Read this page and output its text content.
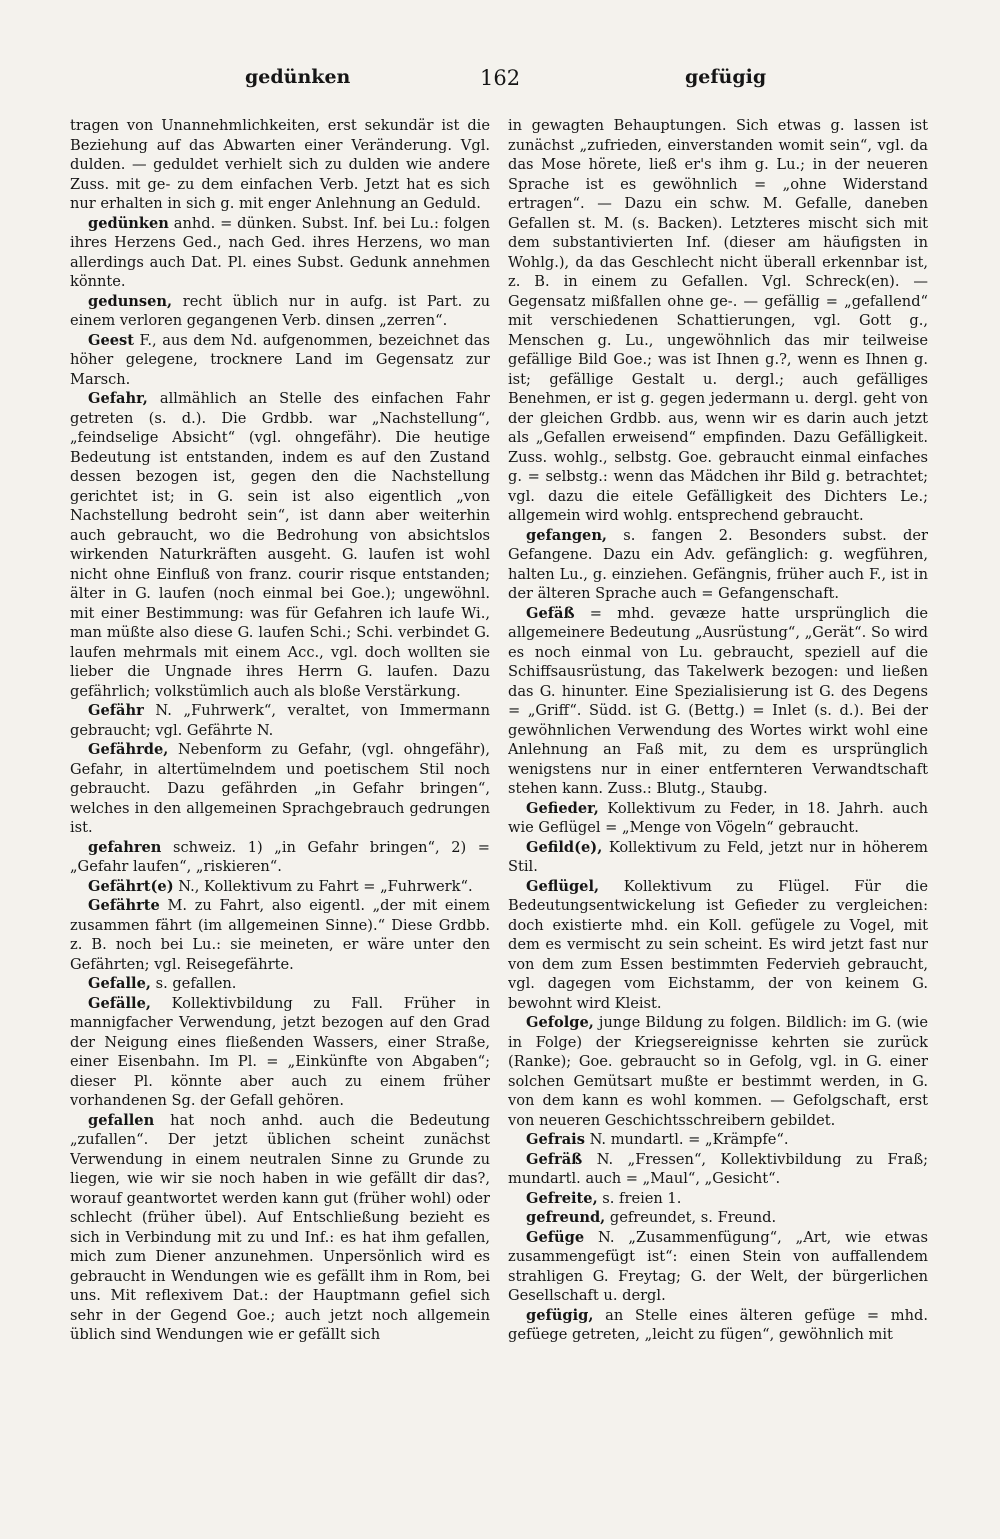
gedünken	162	gefügig

tragen von Unannehmlichkeiten, erst sekundär ist die Beziehung auf das Abwarten einer Veränderung. Vgl. dulden. — geduldet verhielt sich zu dulden wie andere Zuss. mit ge- zu dem einfachen Verb. Jetzt hat es sich nur erhalten in sich g. mit enger Anlehnung an Geduld.

gedünken anhd. = dünken. Subst. Inf. bei Lu.: folgen ihres Herzens Ged., nach Ged. ihres Herzens, wo man allerdings auch Dat. Pl. eines Subst. Gedunk annehmen könnte.

gedunsen, recht üblich nur in aufg. ist Part. zu einem verloren gegangenen Verb. dinsen „zerren“.

Geest F., aus dem Nd. aufgenommen, bezeichnet das höher gelegene, trocknere Land im Gegensatz zur Marsch.

Gefahr, allmählich an Stelle des einfachen Fahr getreten (s. d.). Die Grdbb. war „Nachstellung“, „feindselige Absicht“ (vgl. ohngefähr). Die heutige Bedeutung ist entstanden, indem es auf den Zustand dessen bezogen ist, gegen den die Nachstellung gerichtet ist; in G. sein ist also eigentlich „von Nachstellung bedroht sein“, ist dann aber weiterhin auch gebraucht, wo die Bedrohung von absichtslos wirkenden Naturkräften ausgeht. G. laufen ist wohl nicht ohne Einfluß von franz. courir risque entstanden; älter in G. laufen (noch einmal bei Goe.); ungewöhnl. mit einer Bestimmung: was für Gefahren ich laufe Wi., man müßte also diese G. laufen Schi.; Schi. verbindet G. laufen mehrmals mit einem Acc., vgl. doch wollten sie lieber die Ungnade ihres Herrn G. laufen. Dazu gefährlich; volkstümlich auch als bloße Verstärkung.

Gefähr N. „Fuhrwerk“, veraltet, von Immermann gebraucht; vgl. Gefährte N.

Gefährde, Nebenform zu Gefahr, (vgl. ohngefähr), Gefahr, in altertümelndem und poetischem Stil noch gebraucht. Dazu gefährden „in Gefahr bringen“, welches in den allgemeinen Sprachgebrauch gedrungen ist.

gefahren schweiz. 1) „in Gefahr bringen“, 2) = „Gefahr laufen“, „riskieren“.

Gefährt(e) N., Kollektivum zu Fahrt = „Fuhrwerk“.

Gefährte M. zu Fahrt, also eigentl. „der mit einem zusammen fährt (im allgemeinen Sinne).“ Diese Grdbb. z. B. noch bei Lu.: sie meineten, er wäre unter den Gefährten; vgl. Reisegefährte.

Gefalle, s. gefallen.

Gefälle, Kollektivbildung zu Fall. Früher in mannigfacher Verwendung, jetzt bezogen auf den Grad der Neigung eines fließenden Wassers, einer Straße, einer Eisenbahn. Im Pl. = „Einkünfte von Abgaben“; dieser Pl. könnte aber auch zu einem früher vorhandenen Sg. der Gefall gehören.

gefallen hat noch anhd. auch die Bedeutung „zufallen“. Der jetzt üblichen scheint zunächst Verwendung in einem neutralen Sinne zu Grunde zu liegen, wie wir sie noch haben in wie gefällt dir das?, worauf geantwortet werden kann gut (früher wohl) oder schlecht (früher übel). Auf Entschließung bezieht es sich in Verbindung mit zu und Inf.: es hat ihm gefallen, mich zum Diener anzunehmen. Unpersönlich wird es gebraucht in Wendungen wie es gefällt ihm in Rom, bei uns. Mit reflexivem Dat.: der Hauptmann gefiel sich sehr in der Gegend Goe.; auch jetzt noch allgemein üblich sind Wendungen wie er gefällt sich

in gewagten Behauptungen. Sich etwas g. lassen ist zunächst „zufrieden, einverstanden womit sein“, vgl. da das Mose hörete, ließ er's ihm g. Lu.; in der neueren Sprache ist es gewöhnlich = „ohne Widerstand ertragen“. — Dazu ein schw. M. Gefalle, daneben Gefallen st. M. (s. Backen). Letzteres mischt sich mit dem substantivierten Inf. (dieser am häufigsten in Wohlg.), da das Geschlecht nicht überall erkennbar ist, z. B. in einem zu Gefallen. Vgl. Schreck(en). — Gegensatz mißfallen ohne ge-. — gefällig = „gefallend“ mit verschiedenen Schattierungen, vgl. Gott g., Menschen g. Lu., ungewöhnlich das mir teilweise gefällige Bild Goe.; was ist Ihnen g.?, wenn es Ihnen g. ist; gefällige Gestalt u. dergl.; auch gefälliges Benehmen, er ist g. gegen jedermann u. dergl. geht von der gleichen Grdbb. aus, wenn wir es darin auch jetzt als „Gefallen erweisend“ empfinden. Dazu Gefälligkeit. Zuss. wohlg., selbstg. Goe. gebraucht einmal einfaches g. = selbstg.: wenn das Mädchen ihr Bild g. betrachtet; vgl. dazu die eitele Gefälligkeit des Dichters Le.; allgemein wird wohlg. entsprechend gebraucht.

gefangen, s. fangen 2. Besonders subst. der Gefangene. Dazu ein Adv. gefänglich: g. wegführen, halten Lu., g. einziehen. Gefängnis, früher auch F., ist in der älteren Sprache auch = Gefangenschaft.

Gefäß = mhd. gevæze hatte ursprünglich die allgemeinere Bedeutung „Ausrüstung“, „Gerät“. So wird es noch einmal von Lu. gebraucht, speziell auf die Schiffsausrüstung, das Takelwerk bezogen: und ließen das G. hinunter. Eine Spezialisierung ist G. des Degens = „Griff“. Südd. ist G. (Bettg.) = Inlet (s. d.). Bei der gewöhnlichen Verwendung des Wortes wirkt wohl eine Anlehnung an Faß mit, zu dem es ursprünglich wenigstens nur in einer entfernteren Verwandtschaft stehen kann. Zuss.: Blutg., Staubg.

Gefieder, Kollektivum zu Feder, in 18. Jahrh. auch wie Geflügel = „Menge von Vögeln“ gebraucht.

Gefild(e), Kollektivum zu Feld, jetzt nur in höherem Stil.

Geflügel, Kollektivum zu Flügel. Für die Bedeutungsentwickelung ist Gefieder zu vergleichen: doch existierte mhd. ein Koll. gefügele zu Vogel, mit dem es vermischt zu sein scheint. Es wird jetzt fast nur von dem zum Essen bestimmten Federvieh gebraucht, vgl. dagegen vom Eichstamm, der von keinem G. bewohnt wird Kleist.

Gefolge, junge Bildung zu folgen. Bildlich: im G. (wie in Folge) der Kriegsereignisse kehrten sie zurück (Ranke); Goe. gebraucht so in Gefolg, vgl. in G. einer solchen Gemütsart mußte er bestimmt werden, in G. von dem kann es wohl kommen. — Gefolgschaft, erst von neueren Geschichtsschreibern gebildet.

Gefrais N. mundartl. = „Krämpfe“.

Gefräß N. „Fressen“, Kollektivbildung zu Fraß; mundartl. auch = „Maul“, „Gesicht“.

Gefreite, s. freien 1.

gefreund, gefreundet, s. Freund.

Gefüge N. „Zusammenfügung“, „Art, wie etwas zusammengefügt ist“: einen Stein von auffallendem strahligen G. Freytag; G. der Welt, der bürgerlichen Gesellschaft u. dergl.

gefügig, an Stelle eines älteren gefüge = mhd. gefüege getreten, „leicht zu fügen“, gewöhnlich mit
